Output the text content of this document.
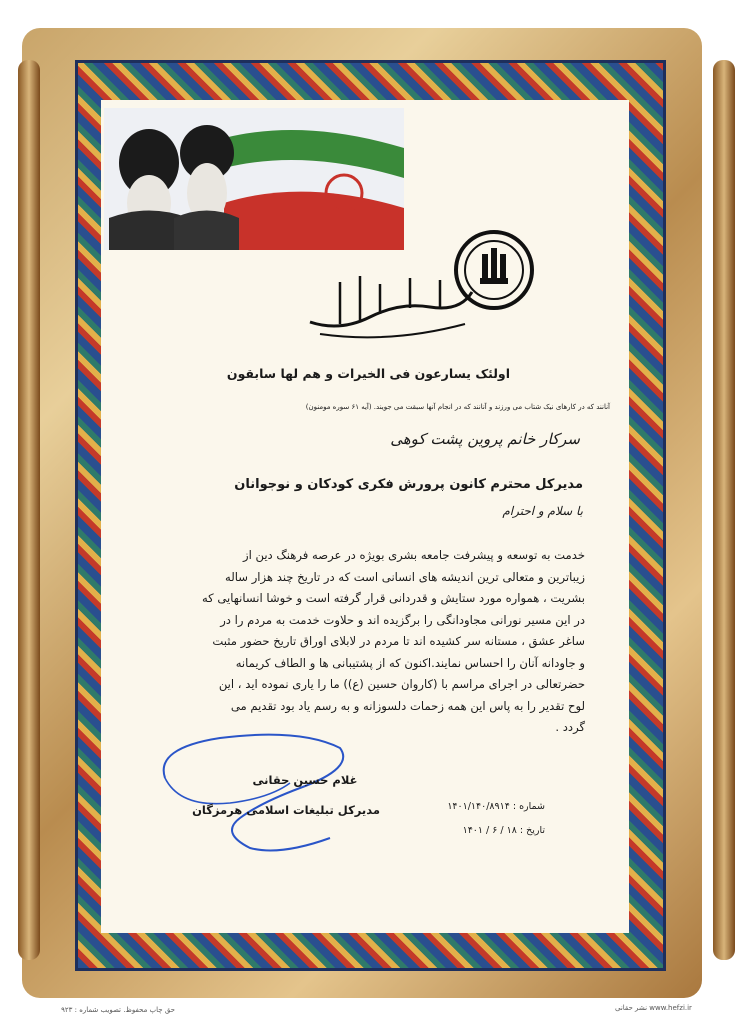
اولئک یسارعون فی الخیرات و هم لها سابقون
آنانند که در کارهای نیک شتاب می ورزند و آنانند که در انجام آنها سبقت می جویند. (آیه ۶۱ سوره مومنون)
سرکار خانم پروین پشت کوهی
مدیرکل محترم کانون پرورش فکری کودکان و نوجوانان
با سلام و احترام
خدمت به توسعه و پیشرفت جامعه بشری بویژه در عرصه فرهنگ دین از
زیباترین و متعالی ترین اندیشه های انسانی است که در تاریخ چند هزار ساله
بشریت ، همواره مورد ستایش و قدردانی قرار گرفته است و خوشا انسانهایی که
در این مسیر نورانی مجاودانگی را برگزیده اند و حلاوت خدمت به مردم را در
ساغر عشق ، مستانه سر کشیده اند تا مردم در لابلای اوراق تاریخ حضور مثبت
و جاودانه آنان را احساس نمایند.اکنون که از پشتیبانی ها و الطاف کریمانه
حضرتعالی در اجرای مراسم با (کاروان حسین (ع)) ما را یاری نموده اید ، این
لوح تقدیر را به پاس این همه زحمات دلسوزانه و به رسم یاد بود تقدیم می
گردد .
غلام حسین حقانی
مدیرکل تبلیغات اسلامی هرمزگان	شماره : ۱۴۰۱/۱۴۰/۸۹۱۴
تاریخ : ۱۸ / ۶ / ۱۴۰۱
حق چاپ محفوظ. تصویب شماره : ۹۲۳	نشر حقانی www.hefzi.ir
